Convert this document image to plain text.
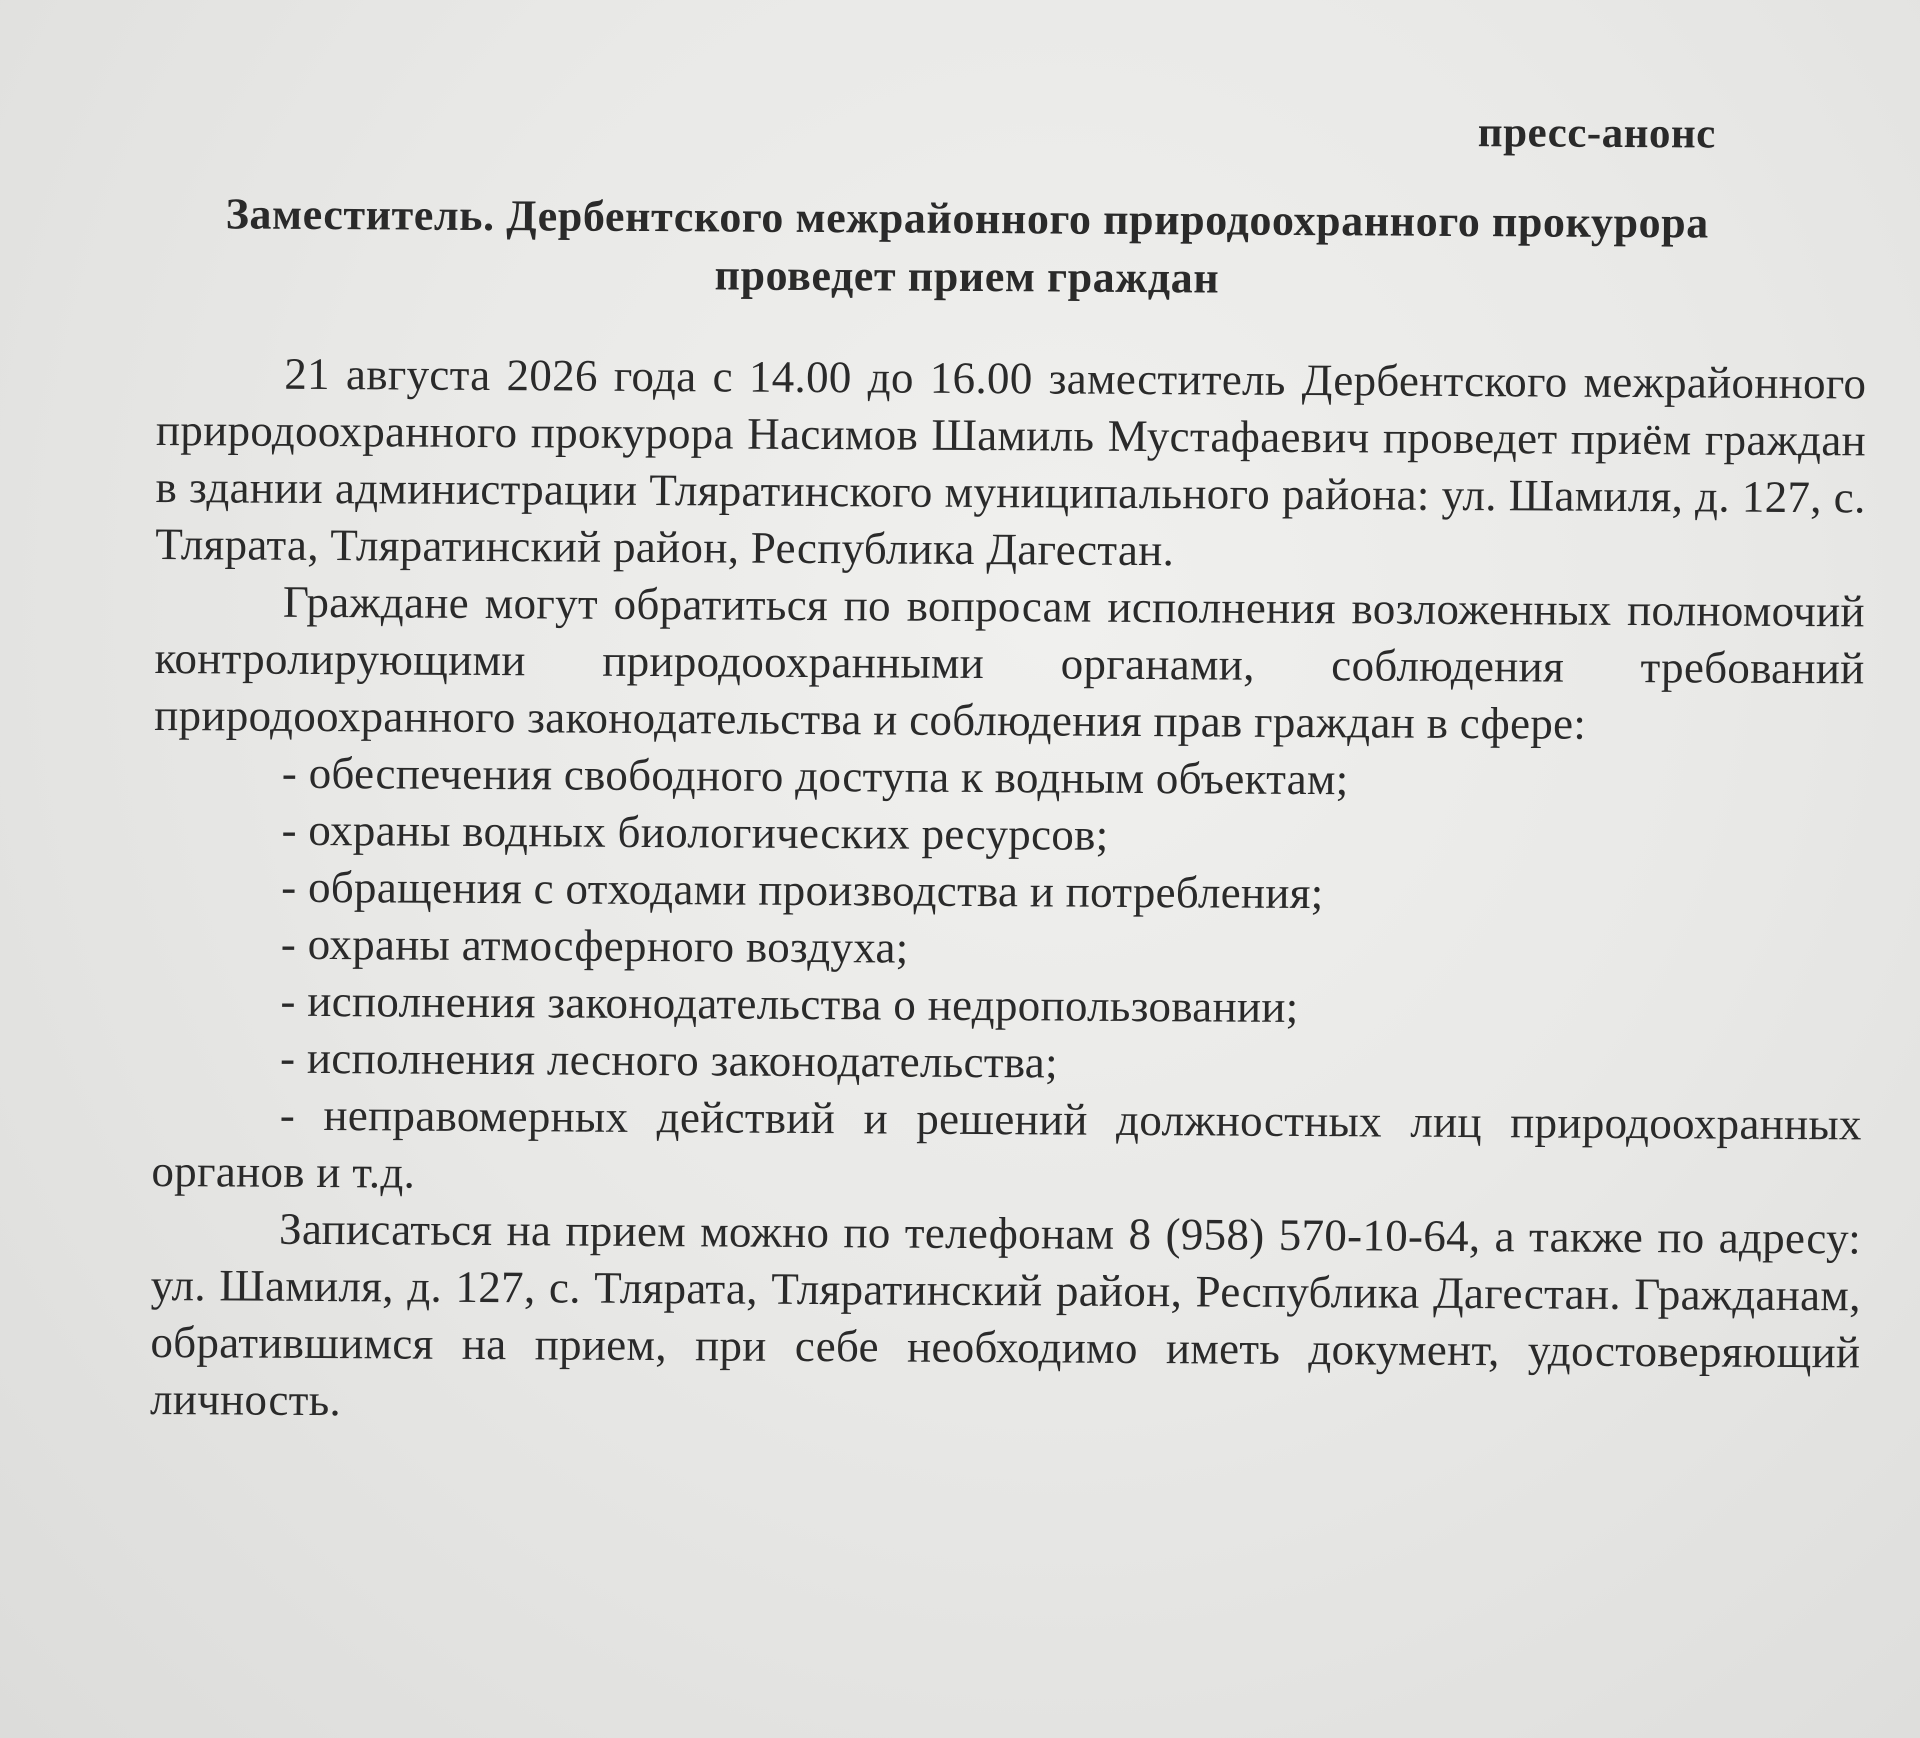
пресс-анонс
Заместитель. Дербентского межрайонного природоохранного прокурора
проведет прием граждан

21 августа 2026 года с 14.00 до 16.00 заместитель Дербентского межрайонного природоохранного прокурора Насимов Шамиль Мустафаевич проведет приём граждан в здании администрации Тляратинского муниципального района: ул. Шамиля, д. 127, с. Тлярата, Тляратинский район, Республика Дагестан.

Граждане могут обратиться по вопросам исполнения возложенных полномочий контролирующими природоохранными органами, соблюдения требований природоохранного законодательства и соблюдения прав граждан в сфере:

- обеспечения свободного доступа к водным объектам;
- охраны водных биологических ресурсов;
- обращения с отходами производства и потребления;
- охраны атмосферного воздуха;
- исполнения законодательства о недропользовании;
- исполнения лесного законодательства;
- неправомерных действий и решений должностных лиц природоохранных органов и т.д.

Записаться на прием можно по телефонам 8 (958) 570-10-64, а также по адресу: ул. Шамиля, д. 127, с. Тлярата, Тляратинский район, Республика Дагестан. Гражданам, обратившимся на прием, при себе необходимо иметь документ, удостоверяющий личность.
